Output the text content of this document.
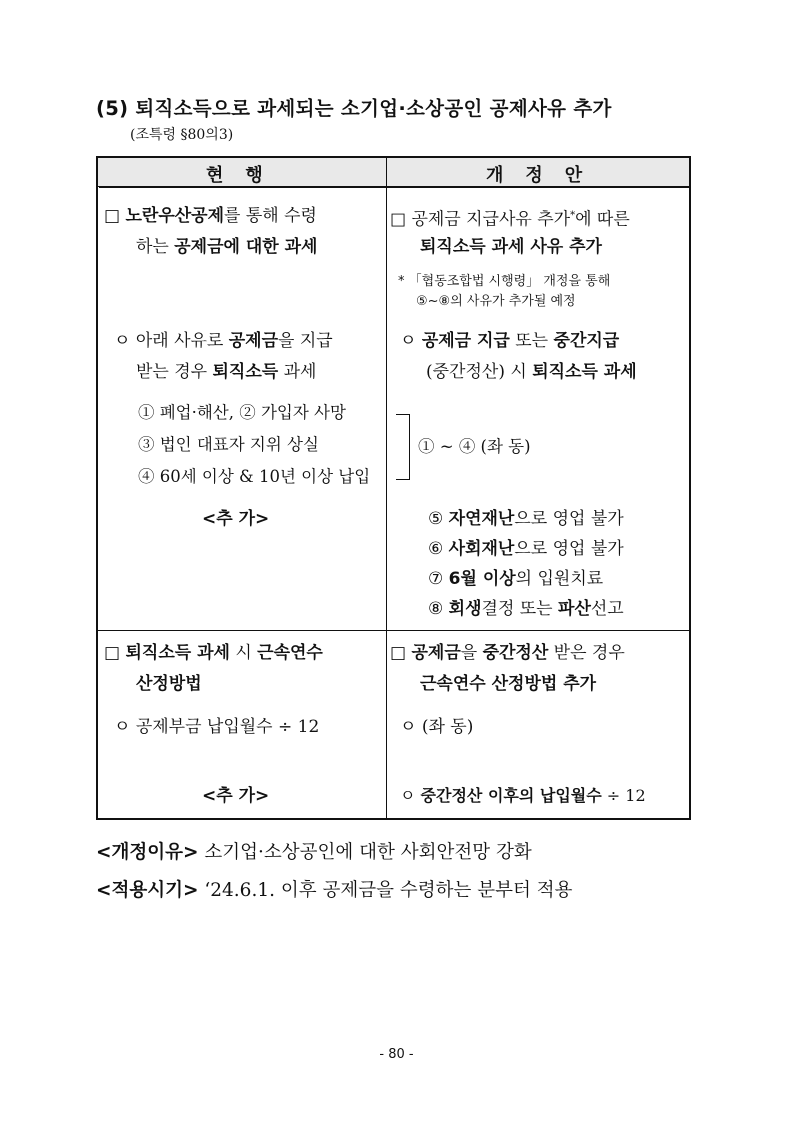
(5) 퇴직소득으로 과세되는 소기업·소상공인 공제사유 추가
(조특령 §80의3)
현행	개정안
□ 노란우산공제를 통해 수령
하는 공제금에 대한 과세
ㅇ 아래 사유로 공제금을 지급
받는 경우 퇴직소득 과세
① 폐업·해산, ② 가입자 사망
③ 법인 대표자 지위 상실
④ 60세 이상 & 10년 이상 납입
<추 가>
□ 퇴직소득 과세 시 근속연수
산정방법
ㅇ 공제부금 납입월수 ÷ 12
<추 가>
□ 공제금 지급사유 추가*에 따른
퇴직소득 과세 사유 추가
* 「협동조합법 시행령」 개정을 통해
⑤~⑧의 사유가 추가될 예정
ㅇ 공제금 지급 또는 중간지급
(중간정산) 시 퇴직소득 과세
① ~ ④ (좌 동)
⑤ 자연재난으로 영업 불가
⑥ 사회재난으로 영업 불가
⑦ 6월 이상의 입원치료
⑧ 회생결정 또는 파산선고
□ 공제금을 중간정산 받은 경우
근속연수 산정방법 추가
ㅇ (좌 동)
ㅇ 중간정산 이후의 납입월수 ÷ 12
<개정이유> 소기업·소상공인에 대한 사회안전망 강화
<적용시기> ‘24.6.1. 이후 공제금을 수령하는 분부터 적용
- 80 -
